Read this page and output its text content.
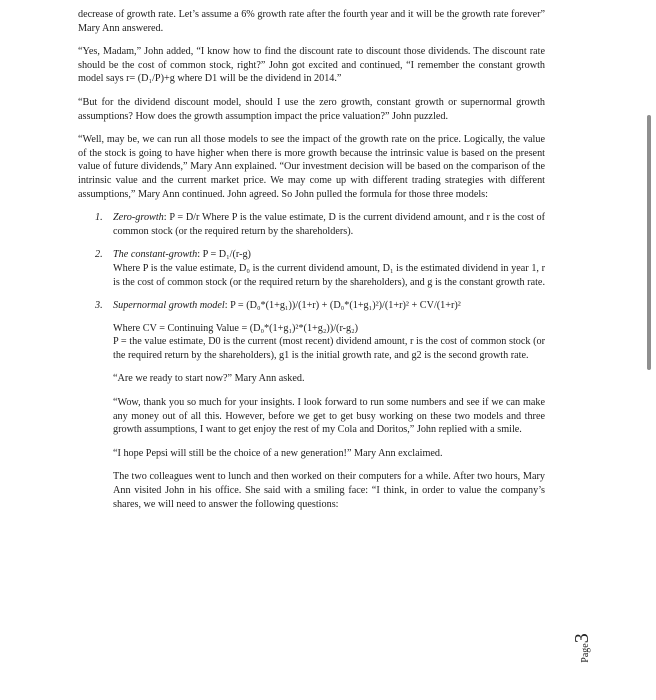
decrease of growth rate. Let’s assume a 6% growth rate after the fourth year and it will be the growth rate forever” Mary Ann answered.

“Yes, Madam,” John added, “I know how to find the discount rate to discount those dividends. The discount rate should be the cost of common stock, right?” John got excited and continued, “I remember the constant growth model says r= (D₁/P)+g where D1 will be the dividend in 2014.”

“But for the dividend discount model, should I use the zero growth, constant growth or supernormal growth assumptions? How does the growth assumption impact the price valuation?” John puzzled.

“Well, may be, we can run all those models to see the impact of the growth rate on the price. Logically, the value of the stock is going to have higher when there is more growth because the intrinsic value is based on the present value of future dividends,” Mary Ann explained. “Our investment decision will be based on the comparison of the intrinsic value and the current market price. We may come up with different trading strategies with different assumptions,” Mary Ann continued. John agreed. So John pulled the formula for those three models:

1. Zero-growth: P = D/r Where P is the value estimate, D is the current dividend amount, and r is the cost of common stock (or the required return by the shareholders).
2. The constant-growth: P = D₁/(r-g)
Where P is the value estimate, D₀ is the current dividend amount, D₁ is the estimated dividend in year 1, r is the cost of common stock (or the required return by the shareholders), and g is the constant growth rate.
3. Supernormal growth model: P = (D₀*(1+g₁))/(1+r) + (D₀*(1+g₁)²)/(1+r)² + CV/(1+r)²
Where CV = Continuing Value = (D₀*(1+g₁)²*(1+g₂))/(r-g₂)
P = the value estimate, D0 is the current (most recent) dividend amount, r is the cost of common stock (or the required return by the shareholders), g1 is the initial growth rate, and g2 is the second growth rate.

“Are we ready to start now?” Mary Ann asked.

“Wow, thank you so much for your insights. I look forward to run some numbers and see if we can make any money out of all this. However, before we get to get busy working on these two models and three growth assumptions, I want to get enjoy the rest of my Cola and Doritos,” John replied with a smile.

“I hope Pepsi will still be the choice of a new generation!” Mary Ann exclaimed.

The two colleagues went to lunch and then worked on their computers for a while. After two hours, Mary Ann visited John in his office. She said with a smiling face: “I think, in order to value the company’s shares, we will need to answer the following questions:

Page
3
